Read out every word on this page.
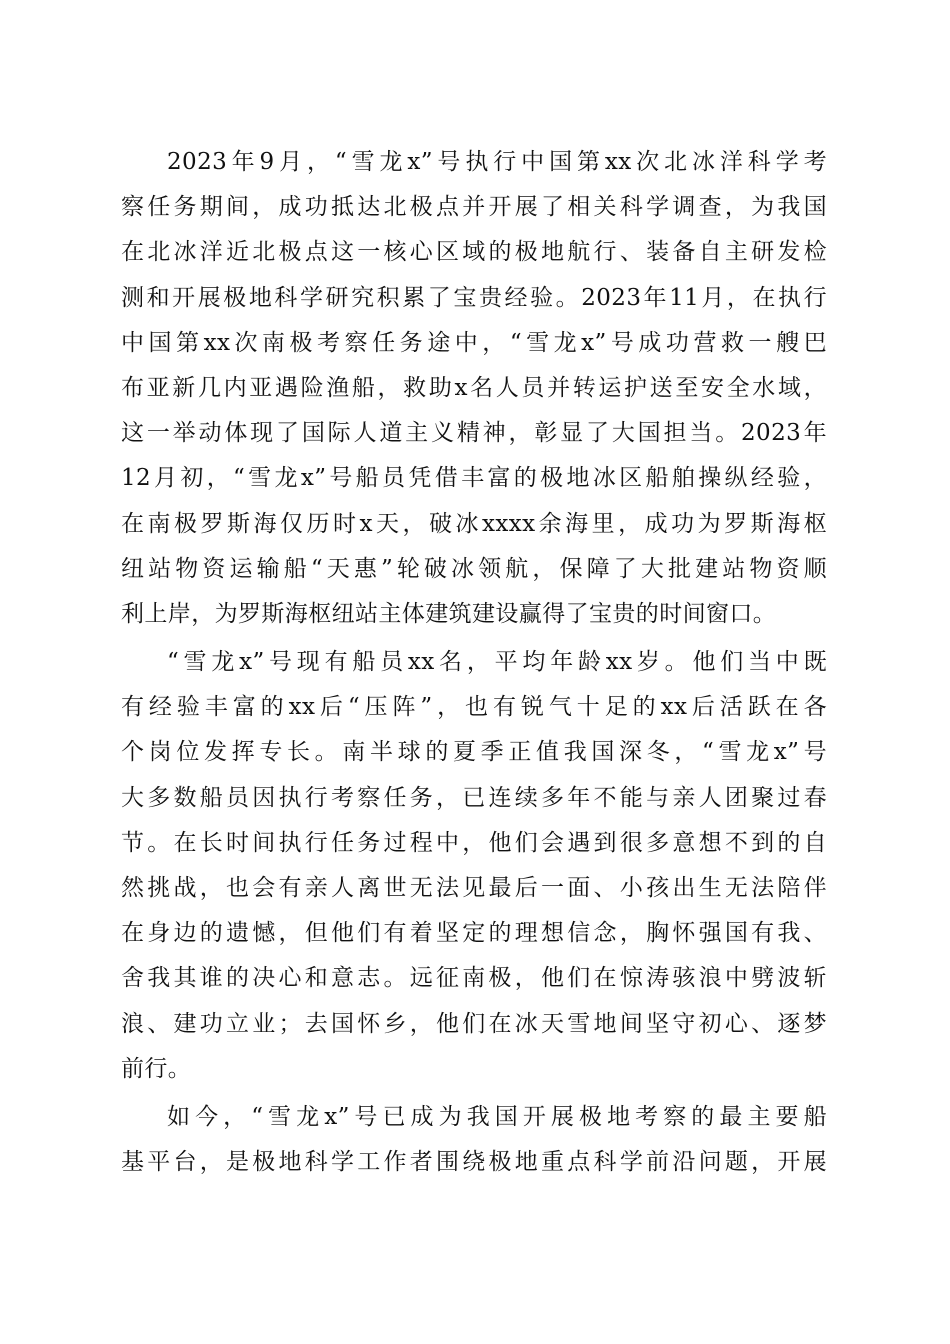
2023年9月，“雪龙x”号执行中国第xx次北冰洋科学考
察任务期间，成功抵达北极点并开展了相关科学调查，为我国
在北冰洋近北极点这一核心区域的极地航行、装备自主研发检
测和开展极地科学研究积累了宝贵经验。2023年11月，在执行
中国第xx次南极考察任务途中，“雪龙x”号成功营救一艘巴
布亚新几内亚遇险渔船，救助x名人员并转运护送至安全水域，
这一举动体现了国际人道主义精神，彰显了大国担当。2023年
12月初，“雪龙x”号船员凭借丰富的极地冰区船舶操纵经验，
在南极罗斯海仅历时x天，破冰xxxx余海里，成功为罗斯海枢
纽站物资运输船“天惠”轮破冰领航，保障了大批建站物资顺
利上岸，为罗斯海枢纽站主体建筑建设赢得了宝贵的时间窗口。
“雪龙x”号现有船员xx名，平均年龄xx岁。他们当中既
有经验丰富的xx后“压阵”，也有锐气十足的xx后活跃在各
个岗位发挥专长。南半球的夏季正值我国深冬，“雪龙x”号
大多数船员因执行考察任务，已连续多年不能与亲人团聚过春
节。在长时间执行任务过程中，他们会遇到很多意想不到的自
然挑战，也会有亲人离世无法见最后一面、小孩出生无法陪伴
在身边的遗憾，但他们有着坚定的理想信念，胸怀强国有我、
舍我其谁的决心和意志。远征南极，他们在惊涛骇浪中劈波斩
浪、建功立业；去国怀乡，他们在冰天雪地间坚守初心、逐梦
前行。
如今，“雪龙x”号已成为我国开展极地考察的最主要船
基平台，是极地科学工作者围绕极地重点科学前沿问题，开展
